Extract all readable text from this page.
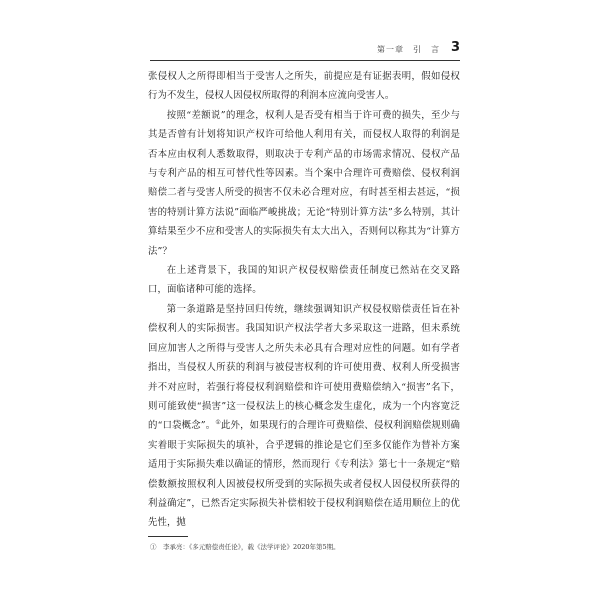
第一章　引　言 3

张侵权人之所得即相当于受害人之所失，前提应是有证据表明，假如侵权行为不发生，侵权人因侵权所取得的利润本应流向受害人。

按照“差额说”的理念，权利人是否受有相当于许可费的损失，至少与其是否曾有计划将知识产权许可给他人利用有关，而侵权人取得的利润是否本应由权利人悉数取得，则取决于专利产品的市场需求情况、侵权产品与专利产品的相互可替代性等因素。当个案中合理许可费赔偿、侵权利润赔偿二者与受害人所受的损害不仅未必合理对应，有时甚至相去甚远，“损害的特别计算方法说”面临严峻挑战；无论“特别计算方法”多么特别，其计算结果至少不应和受害人的实际损失有太大出入，否则何以称其为“计算方法”？

在上述背景下，我国的知识产权侵权赔偿责任制度已然站在交叉路口，面临诸种可能的选择。

第一条道路是坚持回归传统，继续强调知识产权侵权赔偿责任旨在补偿权利人的实际损害。我国知识产权法学者大多采取这一进路，但未系统回应加害人之所得与受害人之所失未必具有合理对应性的问题。如有学者指出，当侵权人所获的利润与被侵害权利的许可使用费、权利人所受损害并不对应时，若强行将侵权利润赔偿和许可使用费赔偿纳入“损害”名下，则可能致使“损害”这一侵权法上的核心概念发生虚化，成为一个内容宽泛的“口袋概念”。①此外，如果现行的合理许可费赔偿、侵权利润赔偿规则确实着眼于实际损失的填补，合乎逻辑的推论是它们至多仅能作为替补方案适用于实际损失难以确证的情形，然而现行《专利法》第七十一条规定“赔偿数额按照权利人因被侵权所受到的实际损失或者侵权人因侵权所获得的利益确定”，已然否定实际损失补偿相较于侵权利润赔偿在适用顺位上的优先性，抛

①　李承亮：《多元赔偿责任论》，载《法学评论》2020年第5期。
